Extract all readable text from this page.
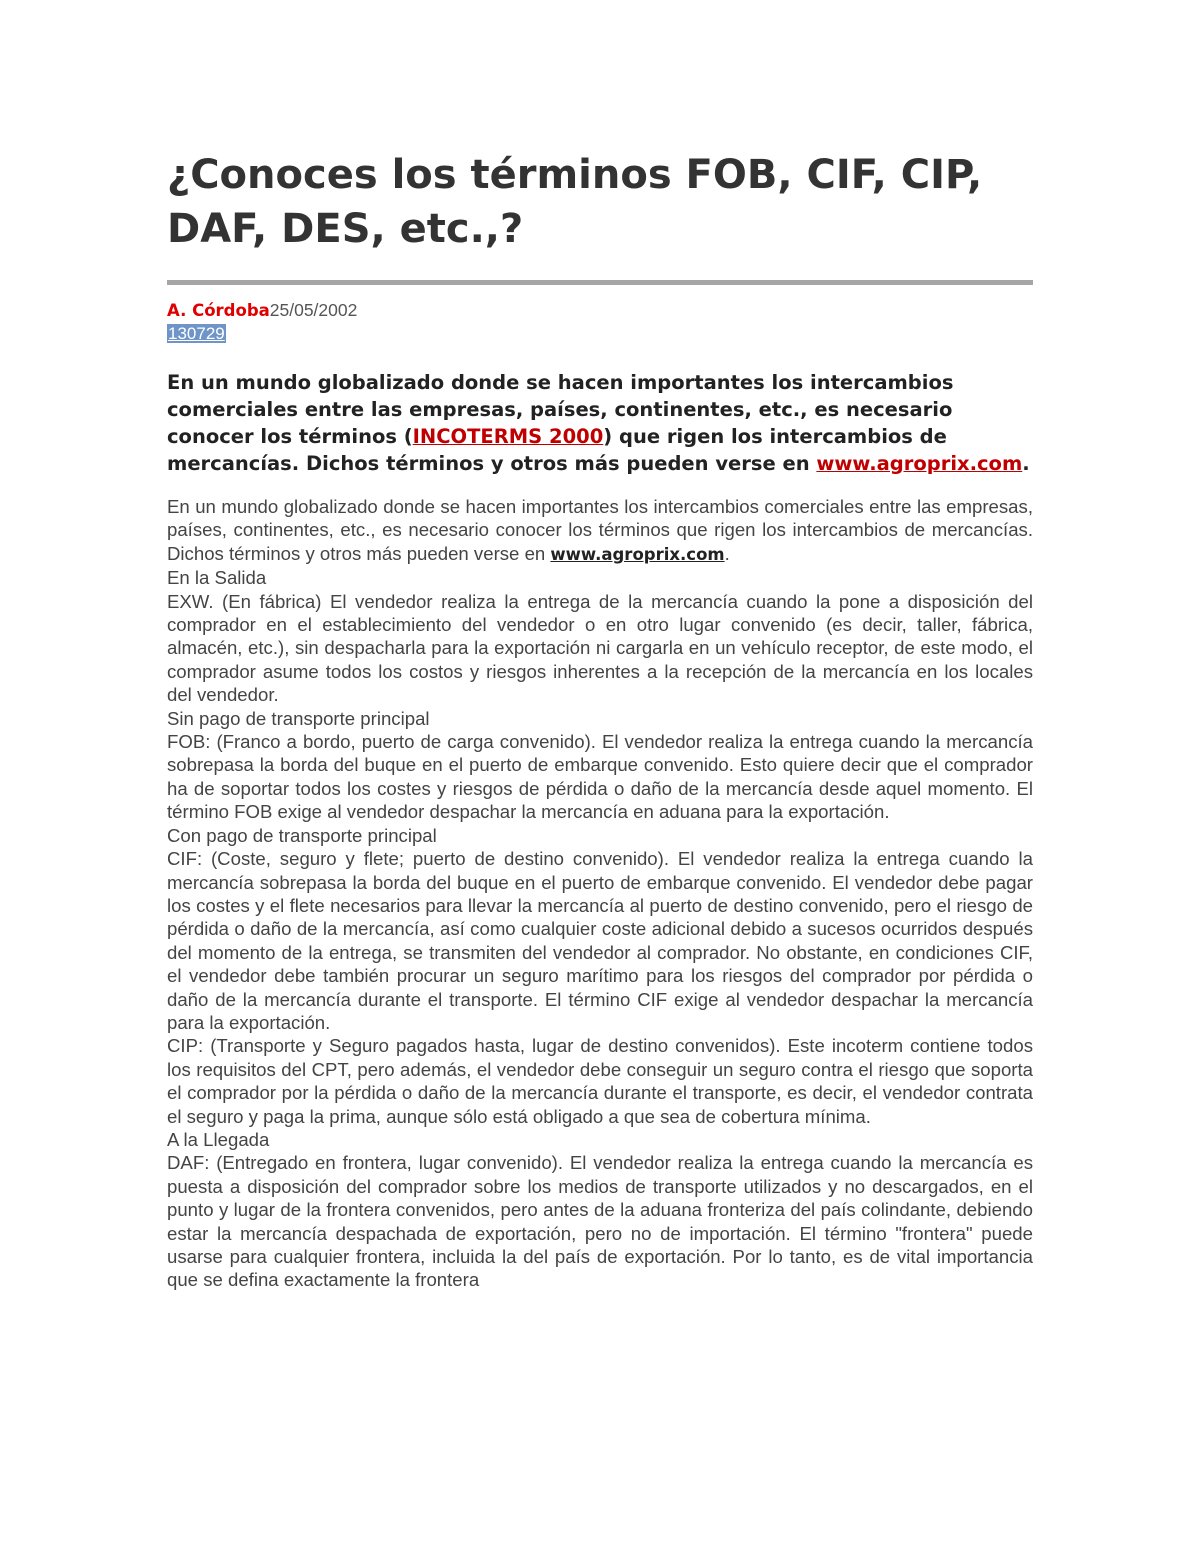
¿Conoces los términos FOB, CIF, CIP, DAF, DES, etc.,?
A. Córdoba25/05/2002
130729
En un mundo globalizado donde se hacen importantes los intercambios comerciales entre las empresas, países, continentes, etc., es necesario conocer los términos (INCOTERMS 2000) que rigen los intercambios de mercancías. Dichos términos y otros más pueden verse en www.agroprix.com.

En un mundo globalizado donde se hacen importantes los intercambios comerciales entre las empresas, países, continentes, etc., es necesario conocer los términos que rigen los intercambios de mercancías. Dichos términos y otros más pueden verse en www.agroprix.com.

En la Salida

EXW. (En fábrica) El vendedor realiza la entrega de la mercancía cuando la pone a disposición del comprador en el establecimiento del vendedor o en otro lugar convenido (es decir, taller, fábrica, almacén, etc.), sin despacharla para la exportación ni cargarla en un vehículo receptor, de este modo, el comprador asume todos los costos y riesgos inherentes a la recepción de la mercancía en los locales del vendedor.

Sin pago de transporte principal

FOB: (Franco a bordo, puerto de carga convenido). El vendedor realiza la entrega cuando la mercancía sobrepasa la borda del buque en el puerto de embarque convenido. Esto quiere decir que el comprador ha de soportar todos los costes y riesgos de pérdida o daño de la mercancía desde aquel momento. El término FOB exige al vendedor despachar la mercancía en aduana para la exportación.

Con pago de transporte principal

CIF: (Coste, seguro y flete; puerto de destino convenido). El vendedor realiza la entrega cuando la mercancía sobrepasa la borda del buque en el puerto de embarque convenido. El vendedor debe pagar los costes y el flete necesarios para llevar la mercancía al puerto de destino convenido, pero el riesgo de pérdida o daño de la mercancía, así como cualquier coste adicional debido a sucesos ocurridos después del momento de la entrega, se transmiten del vendedor al comprador. No obstante, en condiciones CIF, el vendedor debe también procurar un seguro marítimo para los riesgos del comprador por pérdida o daño de la mercancía durante el transporte. El término CIF exige al vendedor despachar la mercancía para la exportación.

CIP: (Transporte y Seguro pagados hasta, lugar de destino convenidos). Este incoterm contiene todos los requisitos del CPT, pero además, el vendedor debe conseguir un seguro contra el riesgo que soporta el comprador por la pérdida o daño de la mercancía durante el transporte, es decir, el vendedor contrata el seguro y paga la prima, aunque sólo está obligado a que sea de cobertura mínima.

A la Llegada

DAF: (Entregado en frontera, lugar convenido). El vendedor realiza la entrega cuando la mercancía es puesta a disposición del comprador sobre los medios de transporte utilizados y no descargados, en el punto y lugar de la frontera convenidos, pero antes de la aduana fronteriza del país colindante, debiendo estar la mercancía despachada de exportación, pero no de importación. El término "frontera" puede usarse para cualquier frontera, incluida la del país de exportación. Por lo tanto, es de vital importancia que se defina exactamente la frontera
